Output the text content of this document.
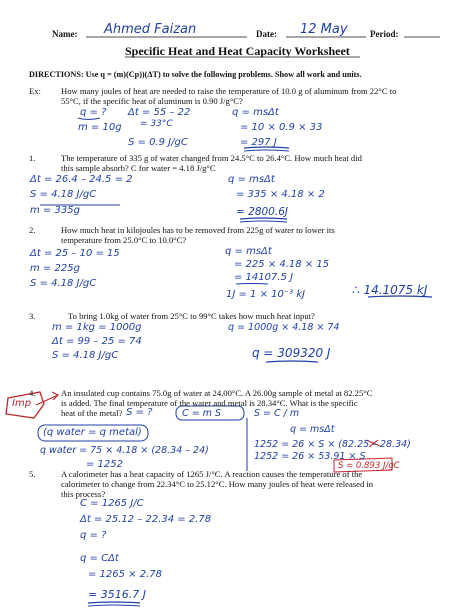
Name: Ahmed Faizan	Date: 12 May Period:
Specific Heat and Heat Capacity Worksheet
DIRECTIONS: Use q = (m)(Cp))(ΔT) to solve the following problems. Show all work and units.
Ex: How many joules of heat are needed to raise the temperature of 10.0 g of aluminum from 22°C to
55°C, if the specific heat of aluminum is 0.90 J/g°C?
q = ? Δt = 55 – 22
= 33°C
m = 10g
S = 0.9 J/gC
q = msΔt
= 10 × 0.9 × 33
= 297 J
1.	The temperature of 335 g of water changed from 24.5°C to 26.4°C. How much heat did
this sample absorb? C for water = 4.18 J/g°C
Δt = 26.4 – 24.5 = 2
S = 4.18 J/gC
m = 335g
q = msΔt
= 335 × 4.18 × 2
= 2800.6J
2.	How much heat in kilojoules has to be removed from 225g of water to lower its
temperature from 25.0°C to 10.0°C?
Δt = 25 – 10 = 15
m = 225g
S = 4.18 J/gC
q = msΔt
= 225 × 4.18 × 15
= 14107.5 J
1J = 1 × 10⁻³ kJ	∴ 14.1075 kJ
3.	To bring 1.0kg of water from 25°C to 99°C takes how much heat input?
m = 1kg = 1000g
Δt = 99 – 25 = 74
S = 4.18 J/gC
q = 1000g × 4.18 × 74
q = 309320 J
Imp
4.	An insulated cup contains 75.0g of water at 24.00°C. A 26.00g sample of metal at 82.25°C
is added. The final temperature of the water and metal is 28.34°C. What is the specific
heat of the metal? S = ?
(q water = q metal)
q water = 75 × 4.18 × (28.34 – 24)
= 1252
C = m S	S = C / m
q = msΔt
1252 = 26 × S × (82.25 – 28.34)
1252 = 26 × 53.91 × S
S = 0.893 J/gC
5.	A calorimeter has a heat capacity of 1265 J/°C. A reaction causes the temperature of the
calorimeter to change from 22.34°C to 25.12°C. How many joules of heat were released in
this process?
C = 1265 J/C
Δt = 25.12 – 22.34 = 2.78
q = ?
q = CΔt
= 1265 × 2.78
= 3516.7 J
